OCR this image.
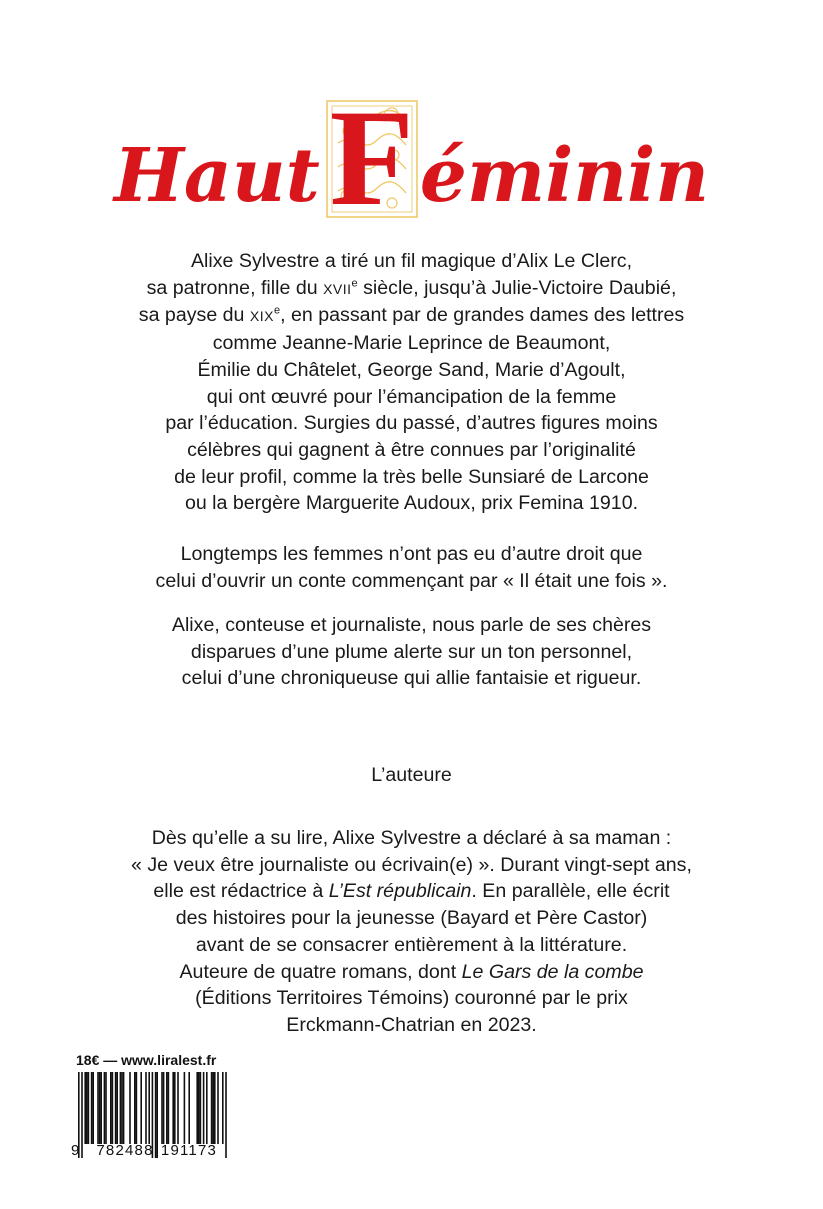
Haut F éminin

Alixe Sylvestre a tiré un fil magique d’Alix Le Clerc,

sa patronne, fille du XVIIe siècle, jusqu’à Julie-Victoire Daubié,

sa payse du XIXe, en passant par de grandes dames des lettres

comme Jeanne-Marie Leprince de Beaumont,

Émilie du Châtelet, George Sand, Marie d’Agoult,

qui ont œuvré pour l’émancipation de la femme

par l’éducation. Surgies du passé, d’autres figures moins

célèbres qui gagnent à être connues par l’originalité

de leur profil, comme la très belle Sunsiaré de Larcone

ou la bergère Marguerite Audoux, prix Femina 1910.

Longtemps les femmes n’ont pas eu d’autre droit que

celui d’ouvrir un conte commençant par « Il était une fois ».

Alixe, conteuse et journaliste, nous parle de ses chères

disparues d’une plume alerte sur un ton personnel,

celui d’une chroniqueuse qui allie fantaisie et rigueur.

L’auteure

Dès qu’elle a su lire, Alixe Sylvestre a déclaré à sa maman :

« Je veux être journaliste ou écrivain(e) ». Durant vingt-sept ans,

elle est rédactrice à L’Est républicain. En parallèle, elle écrit

des histoires pour la jeunesse (Bayard et Père Castor)

avant de se consacrer entièrement à la littérature.

Auteure de quatre romans, dont Le Gars de la combe

(Éditions Territoires Témoins) couronné par le prix

Erckmann-Chatrian en 2023.

18€ — www.liralest.fr
9 782488 191173
